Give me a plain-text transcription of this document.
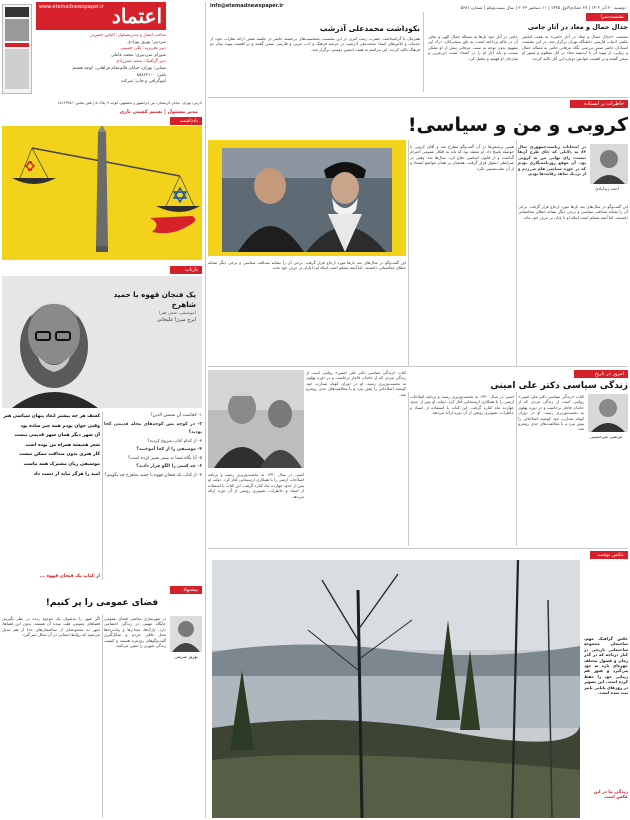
www.etemadnewspaper.ir اعتماد
صاحب امتیاز و مدیرمسئول: الیاس حضرتی
سردبیر: بهروز بهزادی
دبیر تحریریه: علی حسینی
شورای سردبیری: محمد عاملی
دبیر گرافیک: سعید شیرزادی
نشانی: تهران، خیابان قائم‌مقام فراهانی، کوچه هشتم
تلفن: ۸۸۸۶۲۱۰۰
لیتوگرافی و چاپ: شرکت
آدرس: تهران، خیابان کریمخان، بین ایرانشهر و ماهشهر، کوچه ۹، پلاک ۵ | تلفن تماس: ۸۸۱۲۳۴۵۶
info@etemadnewspaper.ir	دوشنبه ۲۰ آذر ۱۴۰۲ | ۲۷ جمادی‌الاول ۱۴۴۵ | ۱۱ دسامبر ۲۰۲۳ | سال بیست‌ویکم | شماره ۵۶۸۱
نکوداشت محمدعلی آذرشب
همزمان با گرامیداشت حضرت زینب کبری در این نشست، شخصیت‌های برجسته حاضر در جلسه ضمن ارائه نظرات خود، از خدمات و تلاش‌های استاد محمدعلی آذرشب در عرصه فرهنگ و ادب عربی و فارسی سخن گفتند و بر اهمیت پیوند میان دو فرهنگ تاکید کردند. این مراسم به همت انجمن دوستی برگزار شد.
نشست‌سرا
جدال جمال و معاد در آثار جامی
نشست «جدال جمال و معاد در آثار جامی» به همت انجمن علمی ادبیات فارسی دانشگاه تهران برگزار شد. در این نشست استادان حاضر ضمن بررسی نگاه عرفانی جامی به مساله جمال و زیبایی، از پیوند آن با اندیشه معاد در آثار منظوم و منثور او سخن گفتند و بر اهمیت خوانش دوباره این آثار تاکید کردند.
جامی در آثار خود بارها به مساله جمال الهی و تجلی آن در عالم پرداخته است. به باور سخنرانان، درک این مفهوم بدون توجه به سنت عرفانی پیش از او ممکن نیست و باید آثار او را در امتداد سنت ابن‌عربی و شارحان او فهمید و تحلیل کرد.
مدیر مسئول | نسیم کشتی ناری
یادداشت
بازتاب
یک فنجان قهوه با حمید شاهرخ
(موسیقی، شعر، هنر)
ایرج میرزا علیخانی
۱- کجاست آن شمس الدین؟
۲- در کوچه پس کوچه‌های محله قدیمی کجا بودید؟
۳- از کدام کتاب شروع کردید؟
۴- موسیقی را از کجا آموختید؟
۵- آیا نگاه شما به شعر تغییر کرده است؟
۶- چه کسی را الگو قرار دادید؟
۷- از کتاب یک فنجان قهوه با حمید شاهرخ چه بگوییم؟
کشف هر چه بیشتر ابعاد پنهان سیاسی هنر
وقتی جوان بودم همه چیز ساده بود
آن شهر دیگر همان شهر قدیمی نیست
شعر همیشه همراه من بوده است
کار هنری بدون صداقت ممکن نیست
موسیقی زبان مشترک همه ماست
امید را هرگز نباید از دست داد
از کتاب یک فنجان قهوه ...
پیشنهاد
فضای عمومی را پر کنیم!
بهروز شریفی
در شهرسازی معاصر، فضای عمومی جایگاه مهمی در زندگی اجتماعی دارد. پارک‌ها، میدان‌ها و پیاده‌راه‌ها محل تلاقی مردم و شکل‌گیری گفت‌وگوهای روزمره هستند و کیفیت زندگی شهری را تعیین می‌کنند.
اگر شهر را به‌عنوان یک موجود زنده در نظر بگیریم، فضاهای عمومی قلب تپنده آن هستند. بدون این فضاها، شهر به مجموعه‌ای از ساختمان‌های جدا از هم تبدیل می‌شود که روابط انسانی در آن شکل نمی‌گیرد.
خاطرات بر ایستاده
کروبی و من و سیاسی!
احمد زیدآبادی
در انتخابات ریاست‌جمهوری سال ۸۴ به دلایلی که جای طرح آن‌ها نیست، رای نهایی من به کروبی بود. آن موقع روزنامه‌نگاری بودم که در حوزه سیاسی قلم می‌زدم و از نزدیک شاهد رقابت‌ها بودم.
همین پرسش‌ها در آن گفت‌وگو مطرح شد و آقای کروبی با حوصله پاسخ داد. او معتقد بود که باید به افکار عمومی احترام گذاشت و از قانون اساسی دفاع کرد. سال‌ها بعد، وقتی در شرایطی دشوار قرار گرفت، همچنان بر همان مواضع ایستاد و از آن عقب‌نشینی نکرد.
این گفت‌وگو در سال‌های بعد بارها مورد ارجاع قرار گرفت. برخی آن را نشانه صداقت سیاسی و برخی دیگر نشانه خطای محاسباتی دانستند. اما آنچه مسلم است اینکه او تا پایان بر حرف خود ماند.
این گفت‌وگو در سال‌های بعد بارها مورد ارجاع قرار گرفت. برخی آن را نشانه صداقت سیاسی و برخی دیگر نشانه خطای محاسباتی دانستند. اما آنچه مسلم است اینکه او تا پایان بر حرف خود ماند.
امروز در تاریخ
زندگی سیاسی دکتر علی امینی
مرتضی میرحسینی
کتاب «زندگی سیاسی دکتر علی امینی» روایتی است از زندگی مردی که از خاندان قاجار برخاست و در دوره پهلوی به نخست‌وزیری رسید. او در دوران کوتاه صدارت خود کوشید اصلاحاتی را پیش ببرد و با مخالفت‌های جدی روبه‌رو شد.
امینی در سال ۱۳۴۰ به نخست‌وزیری رسید و برنامه اصلاحات ارضی را با همکاری ارسنجانی آغاز کرد. دولت او پس از حدود چهارده ماه کناره گرفت. این کتاب با استفاده از اسناد و خاطرات، تصویری روشن از آن دوره ارائه می‌دهد.
کتاب «زندگی سیاسی دکتر علی امینی» روایتی است از زندگی مردی که از خاندان قاجار برخاست و در دوره پهلوی به نخست‌وزیری رسید. او در دوران کوتاه صدارت خود کوشید اصلاحاتی را پیش ببرد و با مخالفت‌های جدی روبه‌رو شد.
امینی در سال ۱۳۴۰ به نخست‌وزیری رسید و برنامه اصلاحات ارضی را با همکاری ارسنجانی آغاز کرد. دولت او پس از حدود چهارده ماه کناره گرفت. این کتاب با استفاده از اسناد و خاطرات، تصویری روشن از آن دوره ارائه می‌دهد.
عکس نوشت
عکس گرافیک مهم، ساختمان مجموعه ساختمانی تاریخی در کنار دریاچه که در گذر زمان و فصول مختلف چهره‌ای تازه به خود می‌گیرد و هنوز هم زیبایی خود را حفظ کرده است. این تصویر در روزهای پایانی پاییز ثبت شده است.
زندگی ما در این عکس است
